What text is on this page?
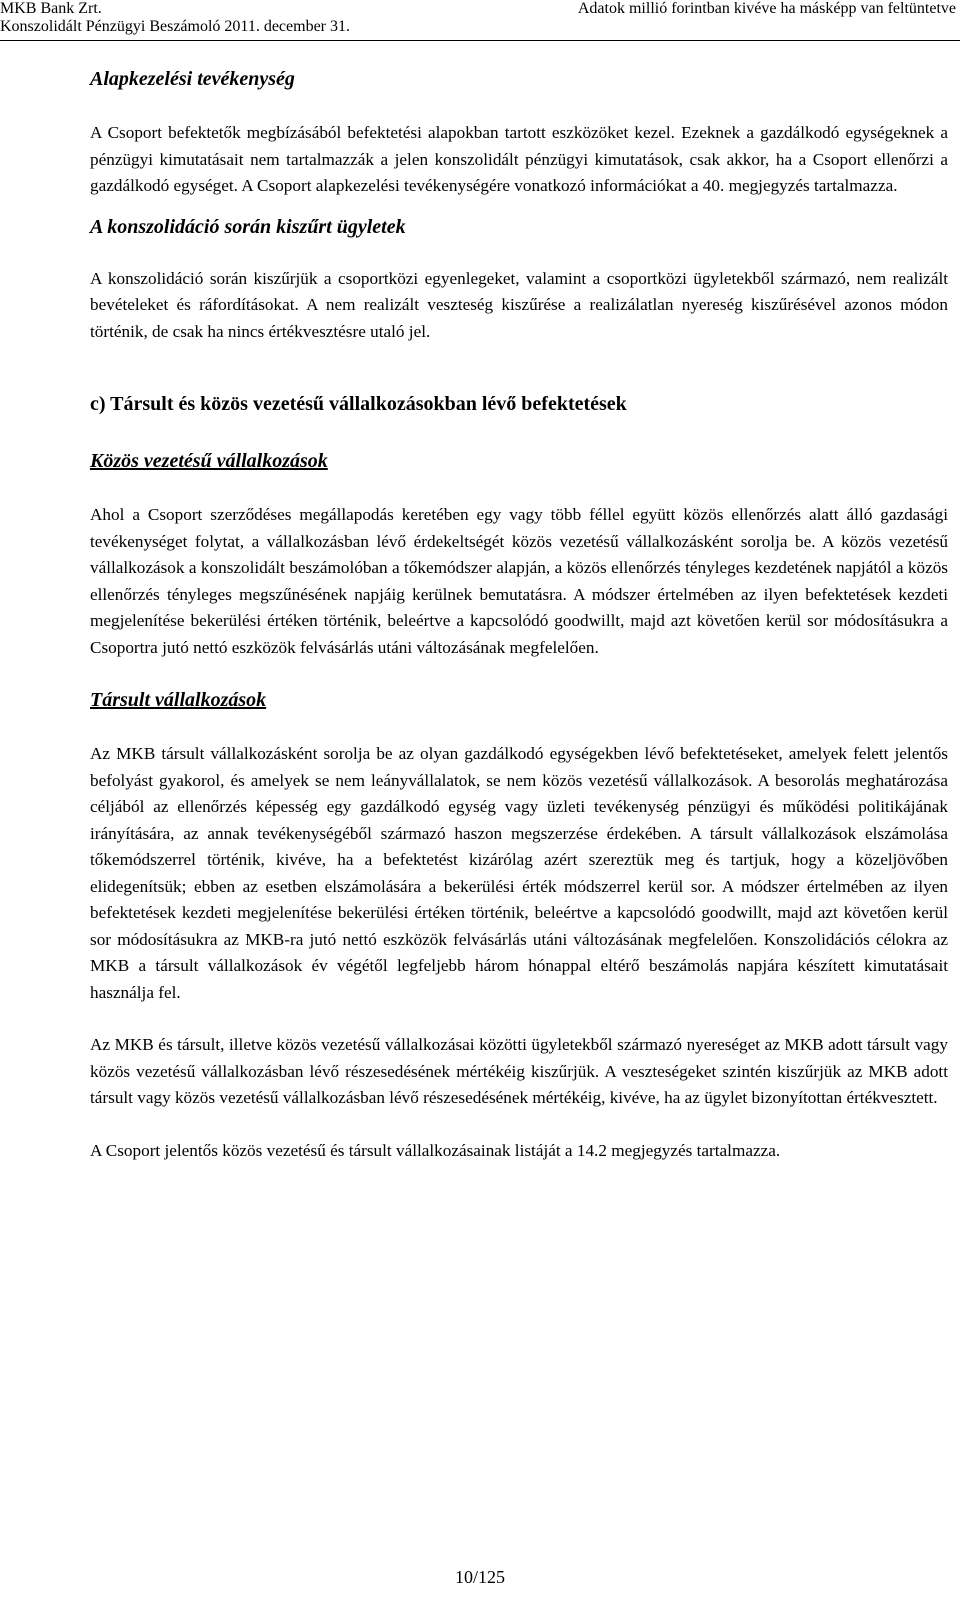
MKB Bank Zrt.
Konszolidált Pénzügyi Beszámoló 2011. december 31.
Adatok millió forintban kivéve ha másképp van feltüntetve
Alapkezelési tevékenység

A Csoport befektetők megbízásából befektetési alapokban tartott eszközöket kezel. Ezeknek a gazdálkodó egységeknek a pénzügyi kimutatásait nem tartalmazzák a jelen konszolidált pénzügyi kimutatások, csak akkor, ha a Csoport ellenőrzi a gazdálkodó egységet. A Csoport alapkezelési tevékenységére vonatkozó információkat a 40. megjegyzés tartalmazza.

A konszolidáció során kiszűrt ügyletek

A konszolidáció során kiszűrjük a csoportközi egyenlegeket, valamint a csoportközi ügyletekből származó, nem realizált bevételeket és ráfordításokat. A nem realizált veszteség kiszűrése a realizálatlan nyereség kiszűrésével azonos módon történik, de csak ha nincs értékvesztésre utaló jel.

c) Társult és közös vezetésű vállalkozásokban lévő befektetések
Közös vezetésű vállalkozások

Ahol a Csoport szerződéses megállapodás keretében egy vagy több féllel együtt közös ellenőrzés alatt álló gazdasági tevékenységet folytat, a vállalkozásban lévő érdekeltségét közös vezetésű vállalkozásként sorolja be. A közös vezetésű vállalkozások a konszolidált beszámolóban a tőkemódszer alapján, a közös ellenőrzés tényleges kezdetének napjától a közös ellenőrzés tényleges megszűnésének napjáig kerülnek bemutatásra. A módszer értelmében az ilyen befektetések kezdeti megjelenítése bekerülési értéken történik, beleértve a kapcsolódó goodwillt, majd azt követően kerül sor módosításukra a Csoportra jutó nettó eszközök felvásárlás utáni változásának megfelelően.

Társult vállalkozások

Az MKB társult vállalkozásként sorolja be az olyan gazdálkodó egységekben lévő befektetéseket, amelyek felett jelentős befolyást gyakorol, és amelyek se nem leányvállalatok, se nem közös vezetésű vállalkozások. A besorolás meghatározása céljából az ellenőrzés képesség egy gazdálkodó egység vagy üzleti tevékenység pénzügyi és működési politikájának irányítására, az annak tevékenységéből származó haszon megszerzése érdekében. A társult vállalkozások elszámolása tőkemódszerrel történik, kivéve, ha a befektetést kizárólag azért szereztük meg és tartjuk, hogy a közeljövőben elidegenítsük; ebben az esetben elszámolására a bekerülési érték módszerrel kerül sor. A módszer értelmében az ilyen befektetések kezdeti megjelenítése bekerülési értéken történik, beleértve a kapcsolódó goodwillt, majd azt követően kerül sor módosításukra az MKB-ra jutó nettó eszközök felvásárlás utáni változásának megfelelően. Konszolidációs célokra az MKB a társult vállalkozások év végétől legfeljebb három hónappal eltérő beszámolás napjára készített kimutatásait használja fel.

Az MKB és társult, illetve közös vezetésű vállalkozásai közötti ügyletekből származó nyereséget az MKB adott társult vagy közös vezetésű vállalkozásban lévő részesedésének mértékéig kiszűrjük. A veszteségeket szintén kiszűrjük az MKB adott társult vagy közös vezetésű vállalkozásban lévő részesedésének mértékéig, kivéve, ha az ügylet bizonyítottan értékvesztett.

A Csoport jelentős közös vezetésű és társult vállalkozásainak listáját a 14.2 megjegyzés tartalmazza.

10/125
